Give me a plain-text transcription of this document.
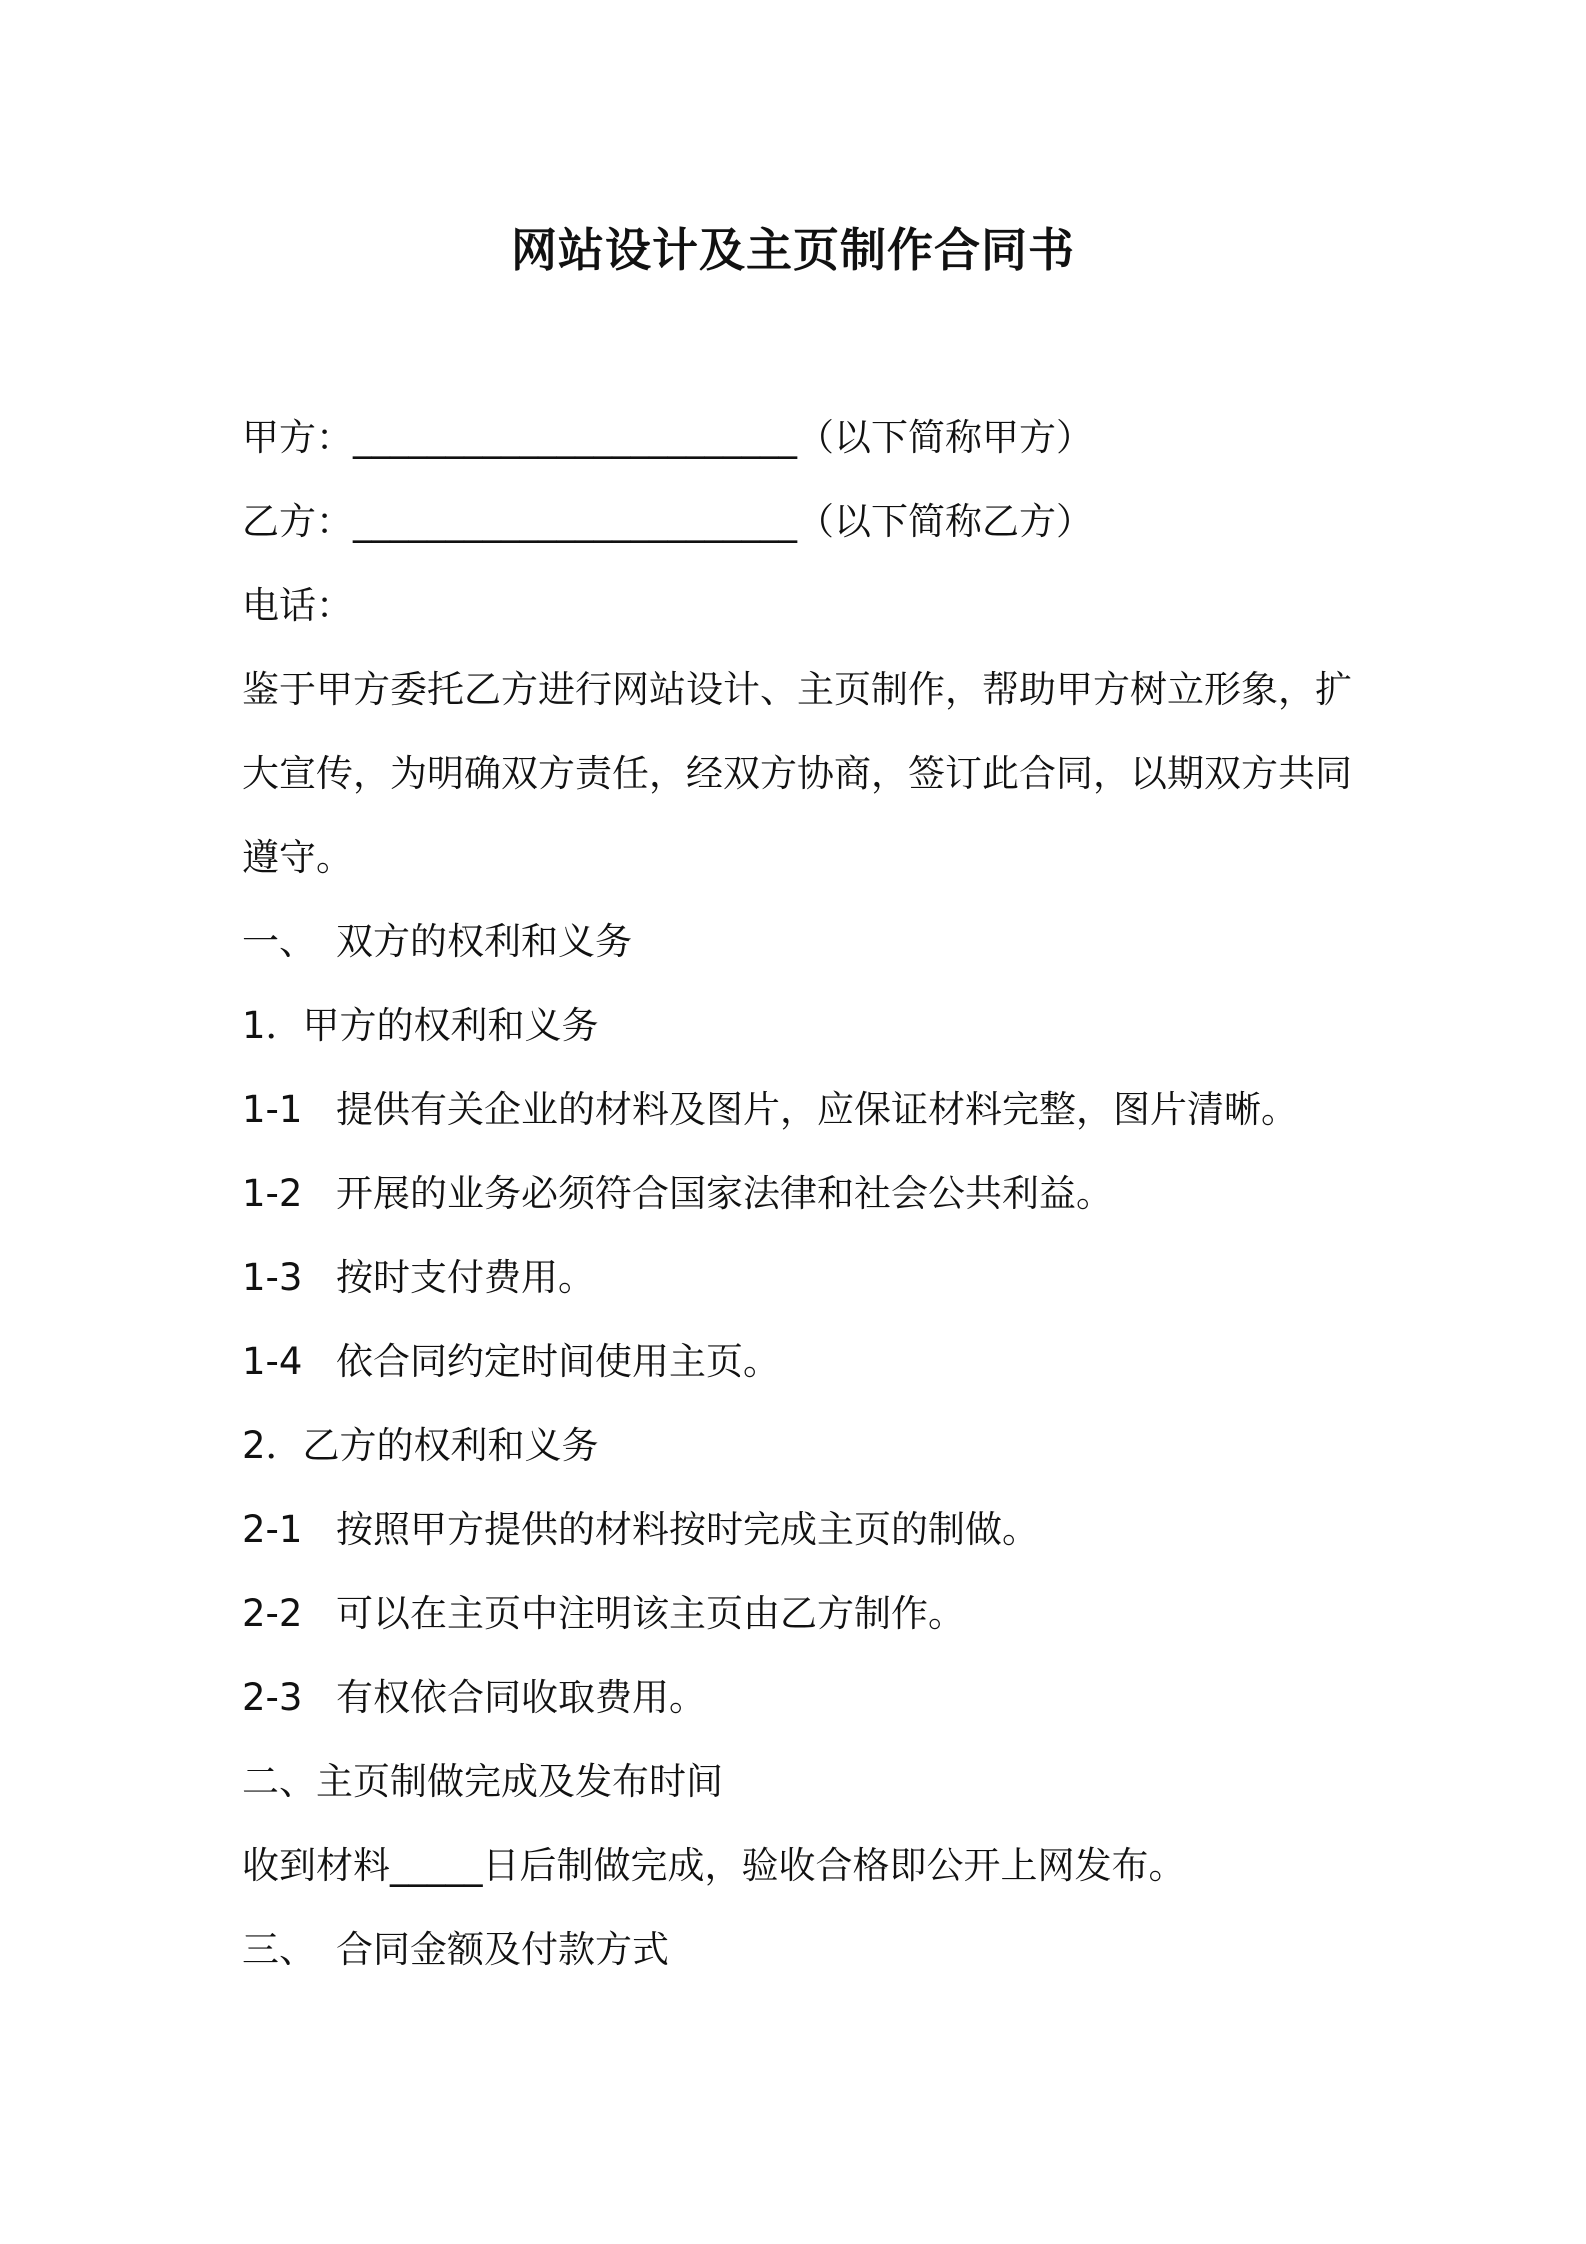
网站设计及主页制作合同书
甲方：________________________（以下简称甲方）
乙方：________________________（以下简称乙方）
电话：
鉴于甲方委托乙方进行网站设计、主页制作，帮助甲方树立形象，扩大宣传，为明确双方责任，经双方协商，签订此合同，以期双方共同遵守。
一、 双方的权利和义务
1．甲方的权利和义务
1-1 提供有关企业的材料及图片，应保证材料完整，图片清晰。
1-2 开展的业务必须符合国家法律和社会公共利益。
1-3 按时支付费用。
1-4 依合同约定时间使用主页。
2．乙方的权利和义务
2-1 按照甲方提供的材料按时完成主页的制做。
2-2 可以在主页中注明该主页由乙方制作。
2-3 有权依合同收取费用。
二、主页制做完成及发布时间
收到材料_____日后制做完成，验收合格即公开上网发布。
三、 合同金额及付款方式
